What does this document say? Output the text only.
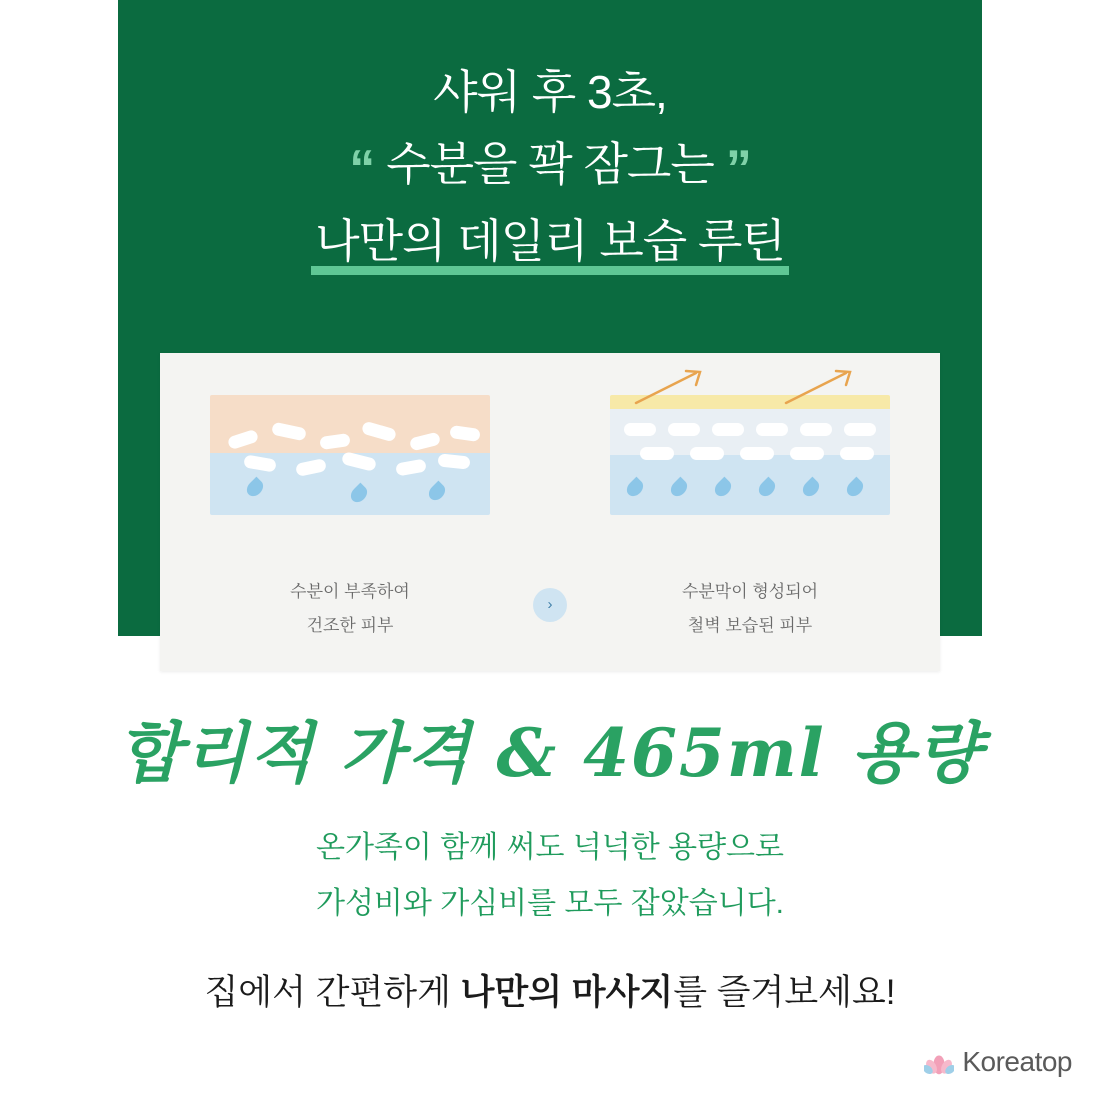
샤워 후 3초,
“ 수분을 꽉 잠그는 ”
나만의 데일리 보습 루틴
수분이 부족하여
건조한 피부
수분막이 형성되어
철벽 보습된 피부
›
합리적 가격 & 465ml 용량
온가족이 함께 써도 넉넉한 용량으로
가성비와 가심비를 모두 잡았습니다.
집에서 간편하게 나만의 마사지를 즐겨보세요!
Koreatop
